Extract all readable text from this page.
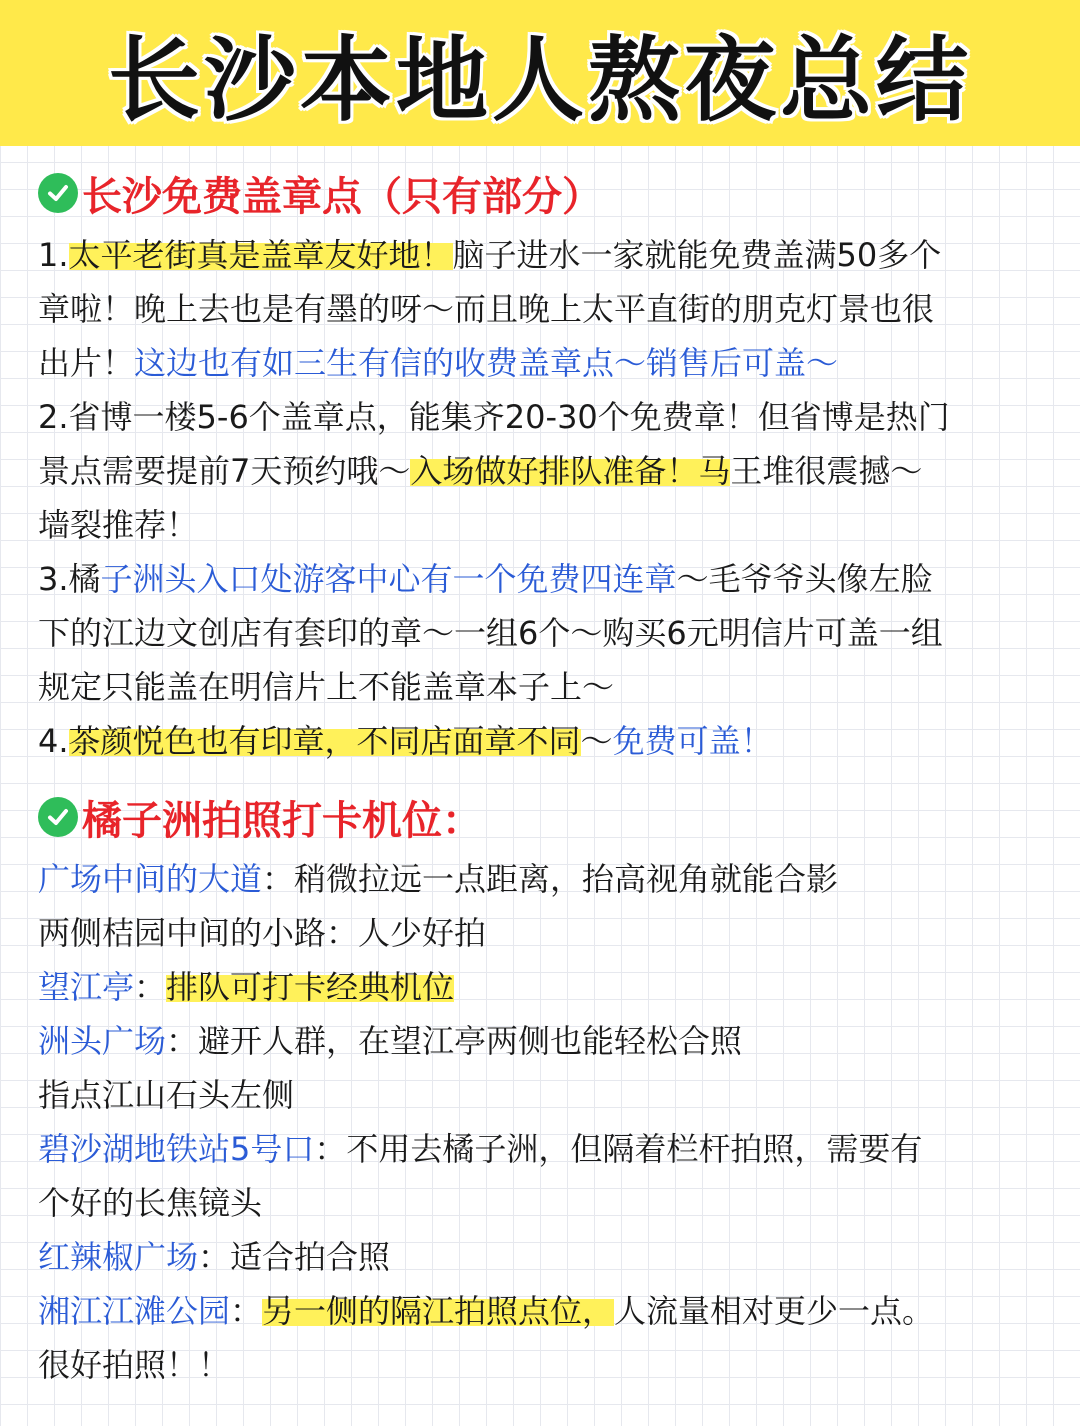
长沙本地人熬夜总结
长沙免费盖章点（只有部分）
1.太平老街真是盖章友好地！脑子进水一家就能免费盖满50多个
章啦！晚上去也是有墨的呀～而且晚上太平直街的朋克灯景也很
出片！这边也有如三生有信的收费盖章点～销售后可盖～
2.省博一楼5-6个盖章点，能集齐20-30个免费章！但省博是热门
景点需要提前7天预约哦～入场做好排队准备！马王堆很震撼～
墙裂推荐！
3.橘子洲头入口处游客中心有一个免费四连章～毛爷爷头像左脸
下的江边文创店有套印的章～一组6个～购买6元明信片可盖一组
规定只能盖在明信片上不能盖章本子上～
4.茶颜悦色也有印章，不同店面章不同～免费可盖！
橘子洲拍照打卡机位：
广场中间的大道：稍微拉远一点距离，抬高视角就能合影
两侧桔园中间的小路：人少好拍
望江亭：排队可打卡经典机位
洲头广场：避开人群，在望江亭两侧也能轻松合照
指点江山石头左侧
碧沙湖地铁站5号口：不用去橘子洲，但隔着栏杆拍照，需要有
个好的长焦镜头
红辣椒广场：适合拍合照
湘江江滩公园：另一侧的隔江拍照点位，人流量相对更少一点。
很好拍照！！
